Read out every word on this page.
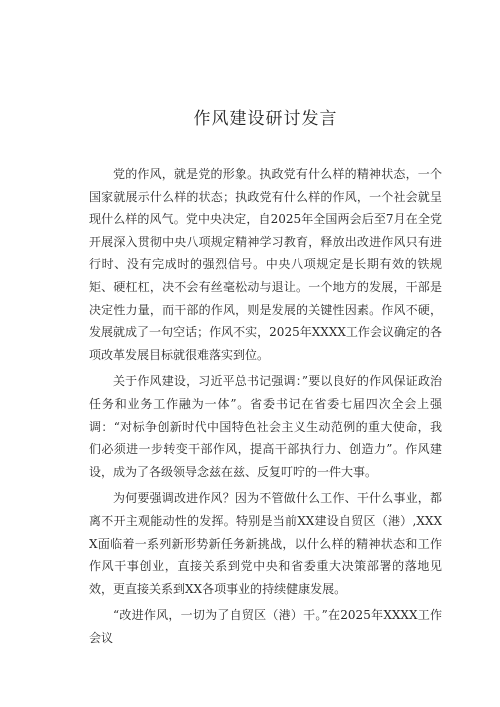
作风建设研讨发言

党的作风，就是党的形象。执政党有什么样的精神状态，一个国家就展示什么样的状态；执政党有什么样的作风，一个社会就呈现什么样的风气。党中央决定，自2025年全国两会后至7月在全党开展深入贯彻中央八项规定精神学习教育，释放出改进作风只有进行时、没有完成时的强烈信号。中央八项规定是长期有效的铁规矩、硬杠杠，决不会有丝毫松动与退让。一个地方的发展，干部是决定性力量，而干部的作风，则是发展的关键性因素。作风不硬，发展就成了一句空话；作风不实，2025年XXXX工作会议确定的各项改革发展目标就很难落实到位。

关于作风建设，习近平总书记强调：”要以良好的作风保证政治任务和业务工作融为一体”。省委书记在省委七届四次全会上强调：“对标争创新时代中国特色社会主义生动范例的重大使命，我们必须进一步转变干部作风，提高干部执行力、创造力”。作风建设，成为了各级领导念兹在兹、反复叮咛的一件大事。

为何要强调改进作风？因为不管做什么工作、干什么事业，都离不开主观能动性的发挥。特别是当前XX建设自贸区（港）,XXXX面临着一系列新形势新任务新挑战，以什么样的精神状态和工作作风干事创业，直接关系到党中央和省委重大决策部署的落地见效，更直接关系到XX各项事业的持续健康发展。

“改进作风，一切为了自贸区（港）干。”在2025年XXXX工作会议
